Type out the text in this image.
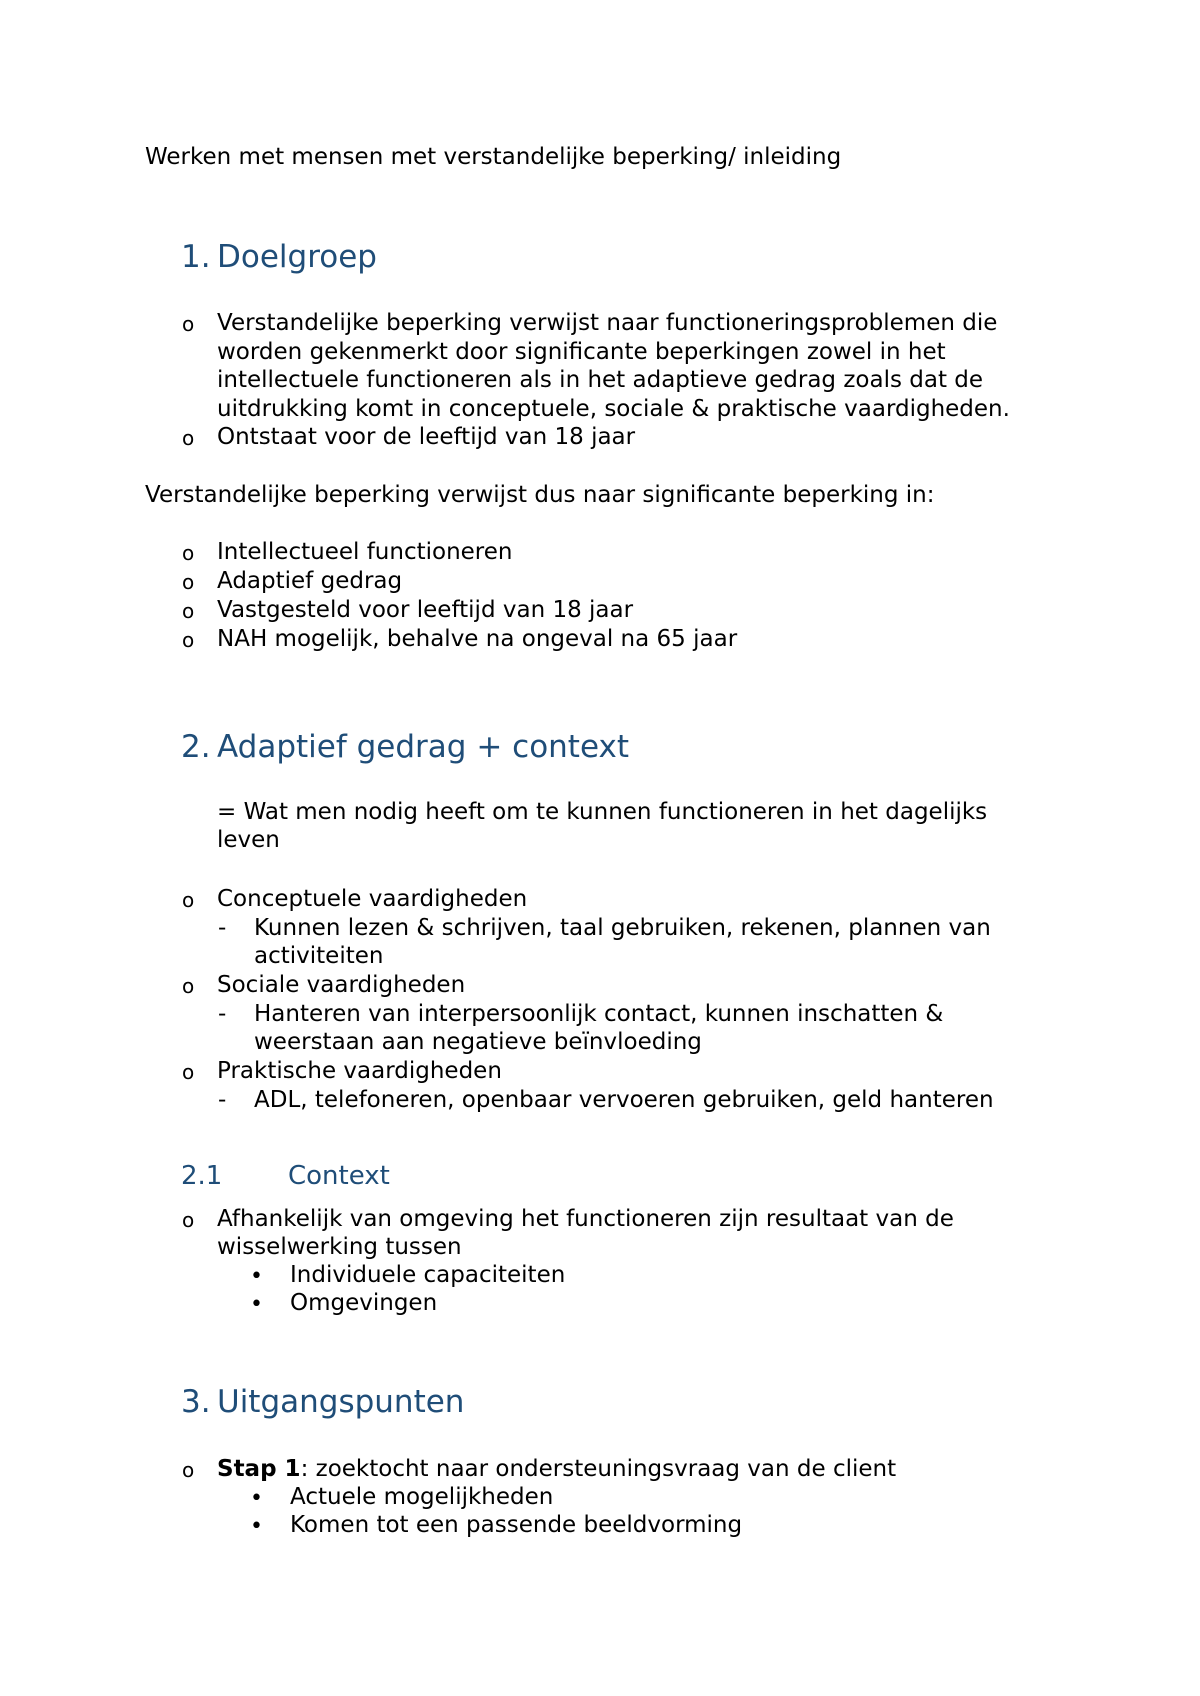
Werken met mensen met verstandelijke beperking/ inleiding
1. Doelgroep
o Verstandelijke beperking verwijst naar functioneringsproblemen die
worden gekenmerkt door significante beperkingen zowel in het
intellectuele functioneren als in het adaptieve gedrag zoals dat de
uitdrukking komt in conceptuele, sociale & praktische vaardigheden.
o Ontstaat voor de leeftijd van 18 jaar
Verstandelijke beperking verwijst dus naar significante beperking in:
o Intellectueel functioneren
o Adaptief gedrag
o Vastgesteld voor leeftijd van 18 jaar
o NAH mogelijk, behalve na ongeval na 65 jaar
2. Adaptief gedrag + context
= Wat men nodig heeft om te kunnen functioneren in het dagelijks
leven
o Conceptuele vaardigheden
- Kunnen lezen & schrijven, taal gebruiken, rekenen, plannen van
activiteiten
o Sociale vaardigheden
- Hanteren van interpersoonlijk contact, kunnen inschatten &
weerstaan aan negatieve beïnvloeding
o Praktische vaardigheden
- ADL, telefoneren, openbaar vervoeren gebruiken, geld hanteren
2.1	Context
o Afhankelijk van omgeving het functioneren zijn resultaat van de
wisselwerking tussen
• Individuele capaciteiten
• Omgevingen
3. Uitgangspunten
o Stap 1: zoektocht naar ondersteuningsvraag van de client
• Actuele mogelijkheden
• Komen tot een passende beeldvorming
